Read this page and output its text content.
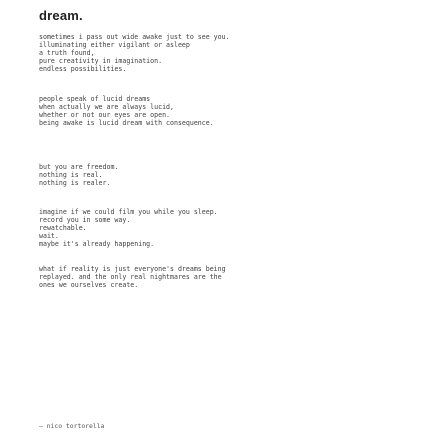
dream.
sometimes i pass out wide awake just to see you.
illuminating either vigilant or asleep
a truth found,
pure creativity in imagination.
endless possibilities.
people speak of lucid dreams
when actually we are always lucid,
whether or not our eyes are open.
being awake is lucid dream with consequence.
but you are freedom.
nothing is real.
nothing is realer.
imagine if we could film you while you sleep.
record you in some way.
rewatchable.
wait.
maybe it's already happening.
what if reality is just everyone's dreams being
replayed. and the only real nightmares are the
ones we ourselves create.
— nico tortorella
